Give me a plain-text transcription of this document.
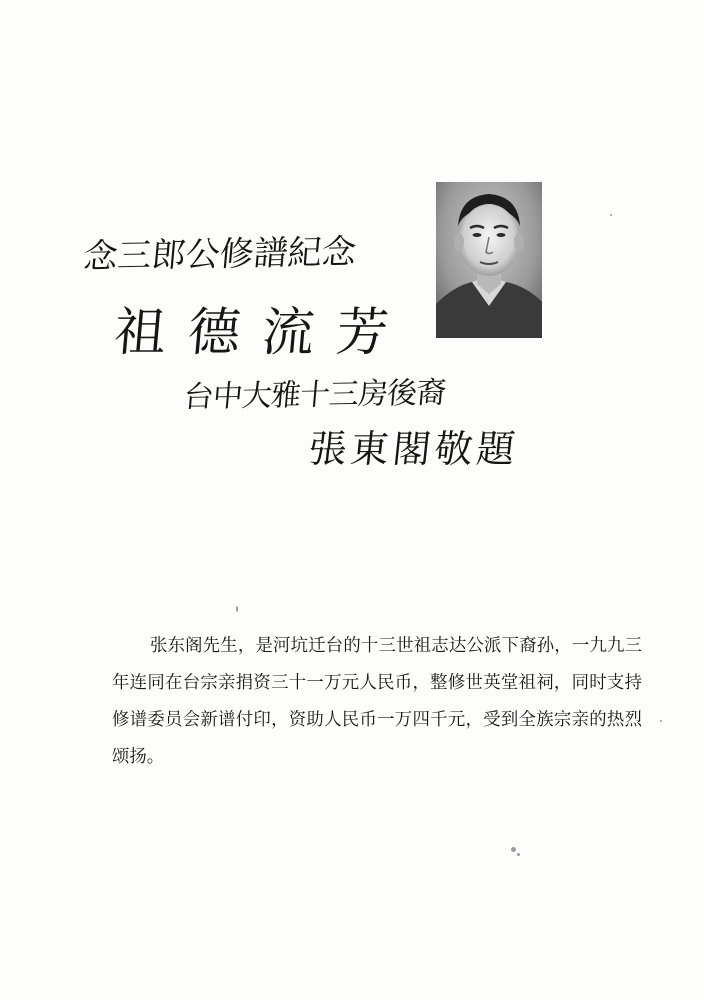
念三郎公修譜紀念
祖德流芳
台中大雅十三房後裔
張東閣敬題

张东阁先生，是河坑迁台的十三世祖志达公派下裔孙，一九九三年连同在台宗亲捐资三十一万元人民币，整修世英堂祖祠，同时支持修谱委员会新谱付印，资助人民币一万四千元，受到全族宗亲的热烈颂扬。
